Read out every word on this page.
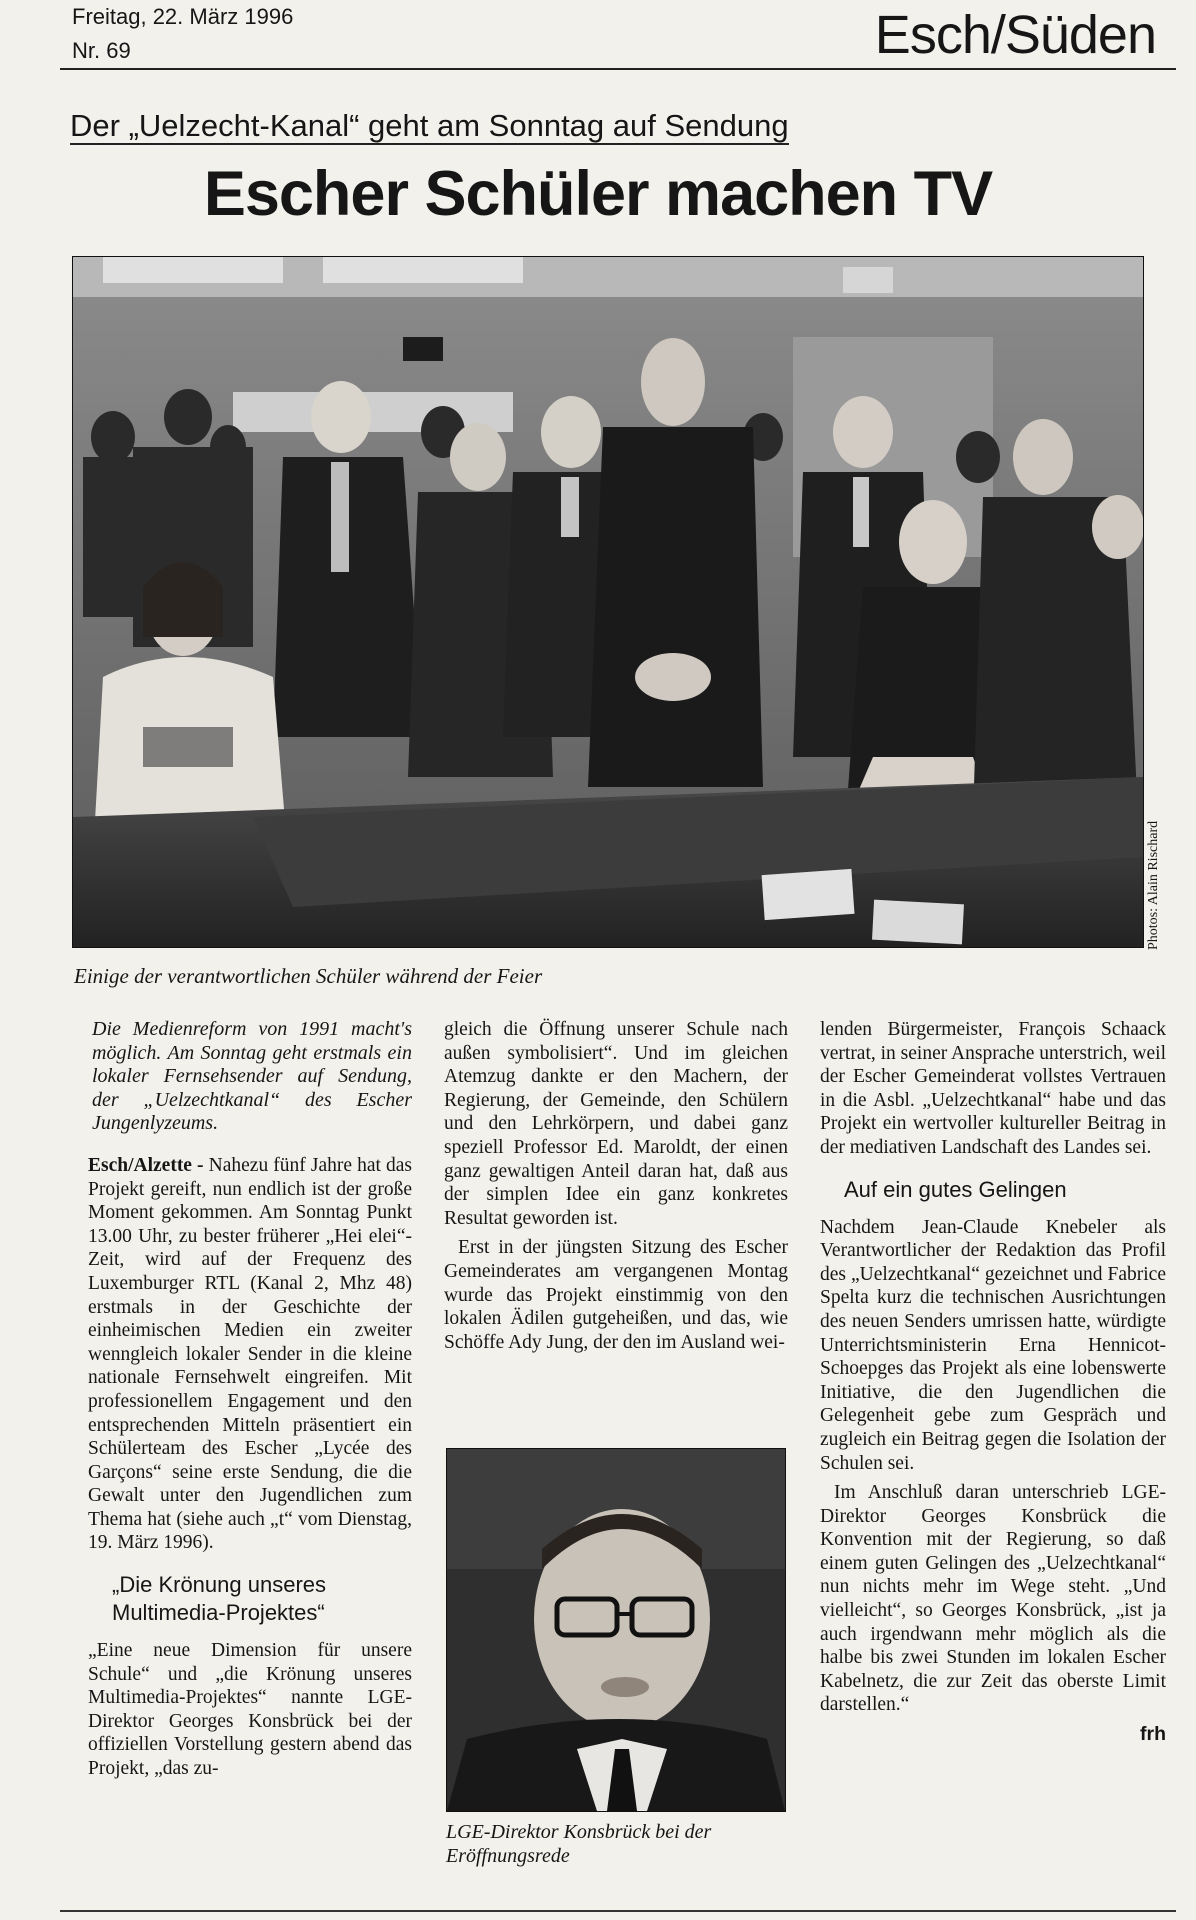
Freitag, 22. März 1996
Nr. 69	Esch/Süden
Der „Uelzecht-Kanal“ geht am Sonntag auf Sendung
Escher Schüler machen TV
Photos: Alain Rischard
Einige der verantwortlichen Schüler während der Feier

Die Medienreform von 1991 macht's möglich. Am Sonntag geht erstmals ein lokaler Fernsehsender auf Sendung, der „Uelzechtkanal“ des Escher Jungenlyzeums.

Esch/Alzette - Nahezu fünf Jahre hat das Projekt gereift, nun endlich ist der große Moment gekommen. Am Sonntag Punkt 13.00 Uhr, zu bester früherer „Hei elei“-Zeit, wird auf der Frequenz des Luxemburger RTL (Kanal 2, Mhz 48) erstmals in der Geschichte der einheimischen Medien ein zweiter wenngleich lokaler Sender in die kleine nationale Fernsehwelt eingreifen. Mit professionellem Engagement und den entsprechenden Mitteln präsentiert ein Schülerteam des Escher „Lycée des Garçons“ seine erste Sendung, die die Gewalt unter den Jugendlichen zum Thema hat (siehe auch „t“ vom Dienstag, 19. März 1996).

„Die Krönung unseres Multimedia-Projektes“

„Eine neue Dimension für unsere Schule“ und „die Krönung unseres Multimedia-Projektes“ nannte LGE-Direktor Georges Konsbrück bei der offiziellen Vorstellung gestern abend das Projekt, „das zu-

gleich die Öffnung unserer Schule nach außen symbolisiert“. Und im gleichen Atemzug dankte er den Machern, der Regierung, der Gemeinde, den Schülern und den Lehrkörpern, und dabei ganz speziell Professor Ed. Maroldt, der einen ganz gewaltigen Anteil daran hat, daß aus der simplen Idee ein ganz konkretes Resultat geworden ist.

Erst in der jüngsten Sitzung des Escher Gemeinderates am vergangenen Montag wurde das Projekt einstimmig von den lokalen Ädilen gutgeheißen, und das, wie Schöffe Ady Jung, der den im Ausland wei-

LGE-Direktor Konsbrück bei der Eröffnungsrede

lenden Bürgermeister, François Schaack vertrat, in seiner Ansprache unterstrich, weil der Escher Gemeinderat vollstes Vertrauen in die Asbl. „Uelzechtkanal“ habe und das Projekt ein wertvoller kultureller Beitrag in der mediativen Landschaft des Landes sei.

Auf ein gutes Gelingen

Nachdem Jean-Claude Knebeler als Verantwortlicher der Redaktion das Profil des „Uelzechtkanal“ gezeichnet und Fabrice Spelta kurz die technischen Ausrichtungen des neuen Senders umrissen hatte, würdigte Unterrichtsministerin Erna Hennicot-Schoepges das Projekt als eine lobenswerte Initiative, die den Jugendlichen die Gelegenheit gebe zum Gespräch und zugleich ein Beitrag gegen die Isolation der Schulen sei.

Im Anschluß daran unterschrieb LGE-Direktor Georges Konsbrück die Konvention mit der Regierung, so daß einem guten Gelingen des „Uelzechtkanal“ nun nichts mehr im Wege steht. „Und vielleicht“, so Georges Konsbrück, „ist ja auch irgendwann mehr möglich als die halbe bis zwei Stunden im lokalen Escher Kabelnetz, die zur Zeit das oberste Limit darstellen.“

frh
